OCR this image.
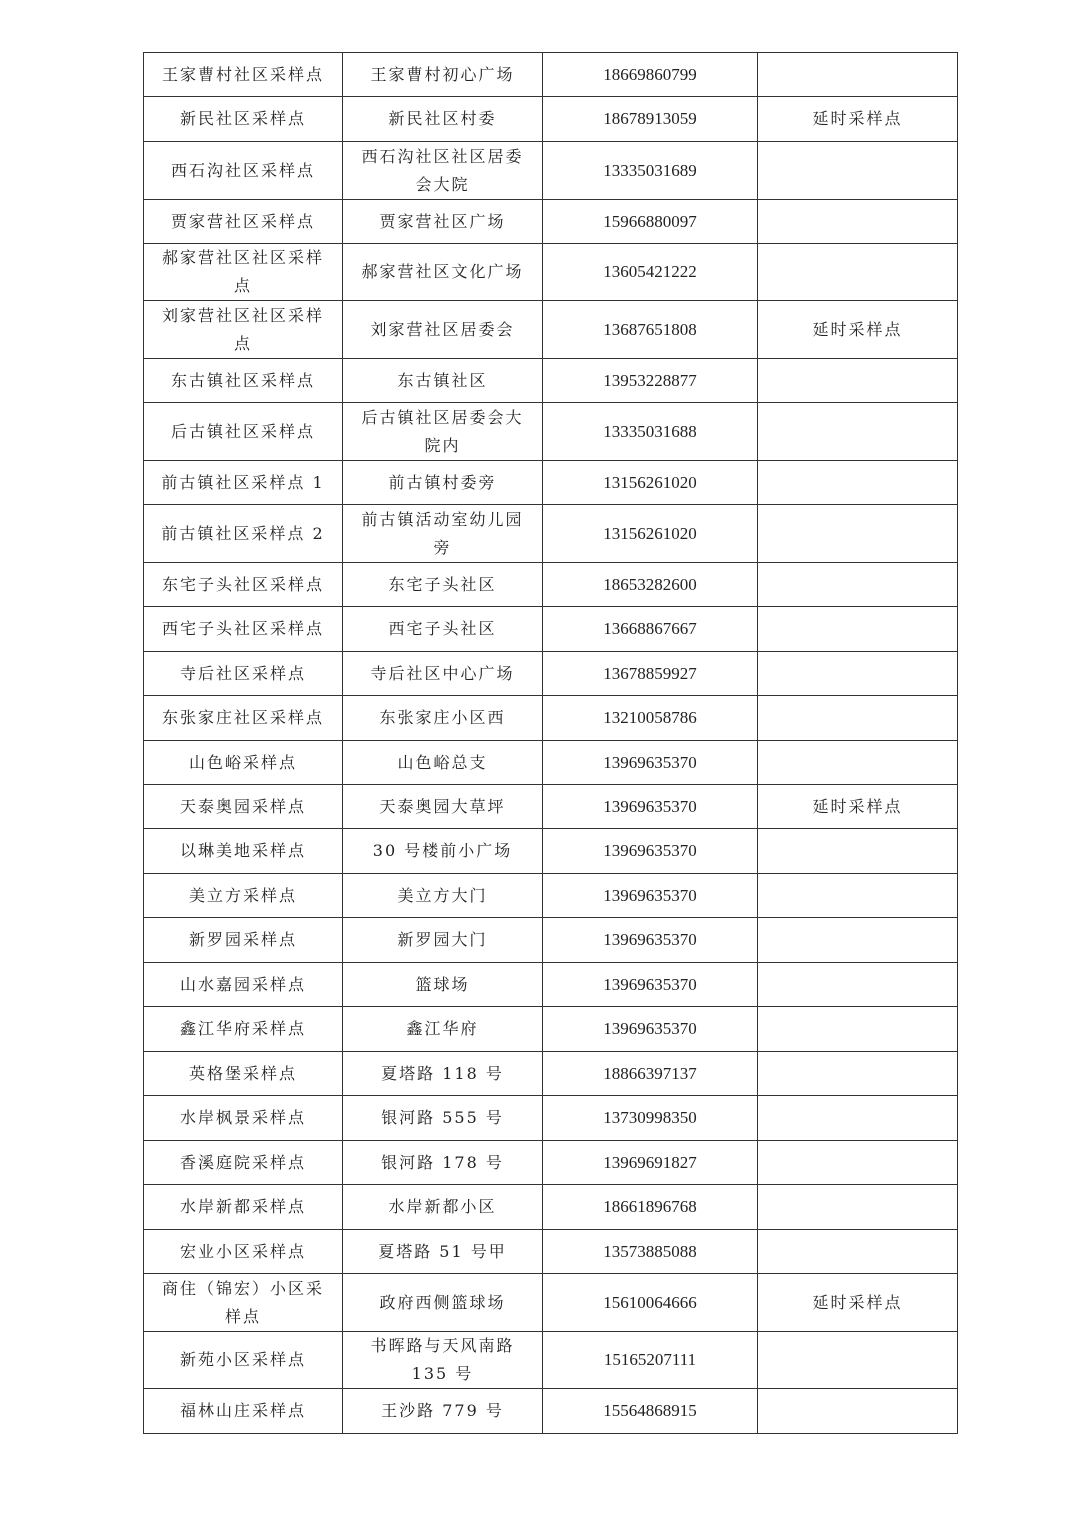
王家曹村社区采样点	王家曹村初心广场	18669860799	
新民社区采样点	新民社区村委	18678913059	延时采样点
西石沟社区采样点	西石沟社区社区居委会大院	13335031689	
贾家营社区采样点	贾家营社区广场	15966880097	
郝家营社区社区采样点	郝家营社区文化广场	13605421222	
刘家营社区社区采样点	刘家营社区居委会	13687651808	延时采样点
东古镇社区采样点	东古镇社区	13953228877	
后古镇社区采样点	后古镇社区居委会大院内	13335031688	
前古镇社区采样点 1	前古镇村委旁	13156261020	
前古镇社区采样点 2	前古镇活动室幼儿园旁	13156261020	
东宅子头社区采样点	东宅子头社区	18653282600	
西宅子头社区采样点	西宅子头社区	13668867667	
寺后社区采样点	寺后社区中心广场	13678859927	
东张家庄社区采样点	东张家庄小区西	13210058786	
山色峪采样点	山色峪总支	13969635370	
天泰奥园采样点	天泰奥园大草坪	13969635370	延时采样点
以琳美地采样点	30 号楼前小广场	13969635370	
美立方采样点	美立方大门	13969635370	
新罗园采样点	新罗园大门	13969635370	
山水嘉园采样点	篮球场	13969635370	
鑫江华府采样点	鑫江华府	13969635370	
英格堡采样点	夏塔路 118 号	18866397137	
水岸枫景采样点	银河路 555 号	13730998350	
香溪庭院采样点	银河路 178 号	13969691827	
水岸新都采样点	水岸新都小区	18661896768	
宏业小区采样点	夏塔路 51 号甲	13573885088	
商住（锦宏）小区采样点	政府西侧篮球场	15610064666	延时采样点
新苑小区采样点	书晖路与天风南路 135 号	15165207111	
福林山庄采样点	王沙路 779 号	15564868915	
